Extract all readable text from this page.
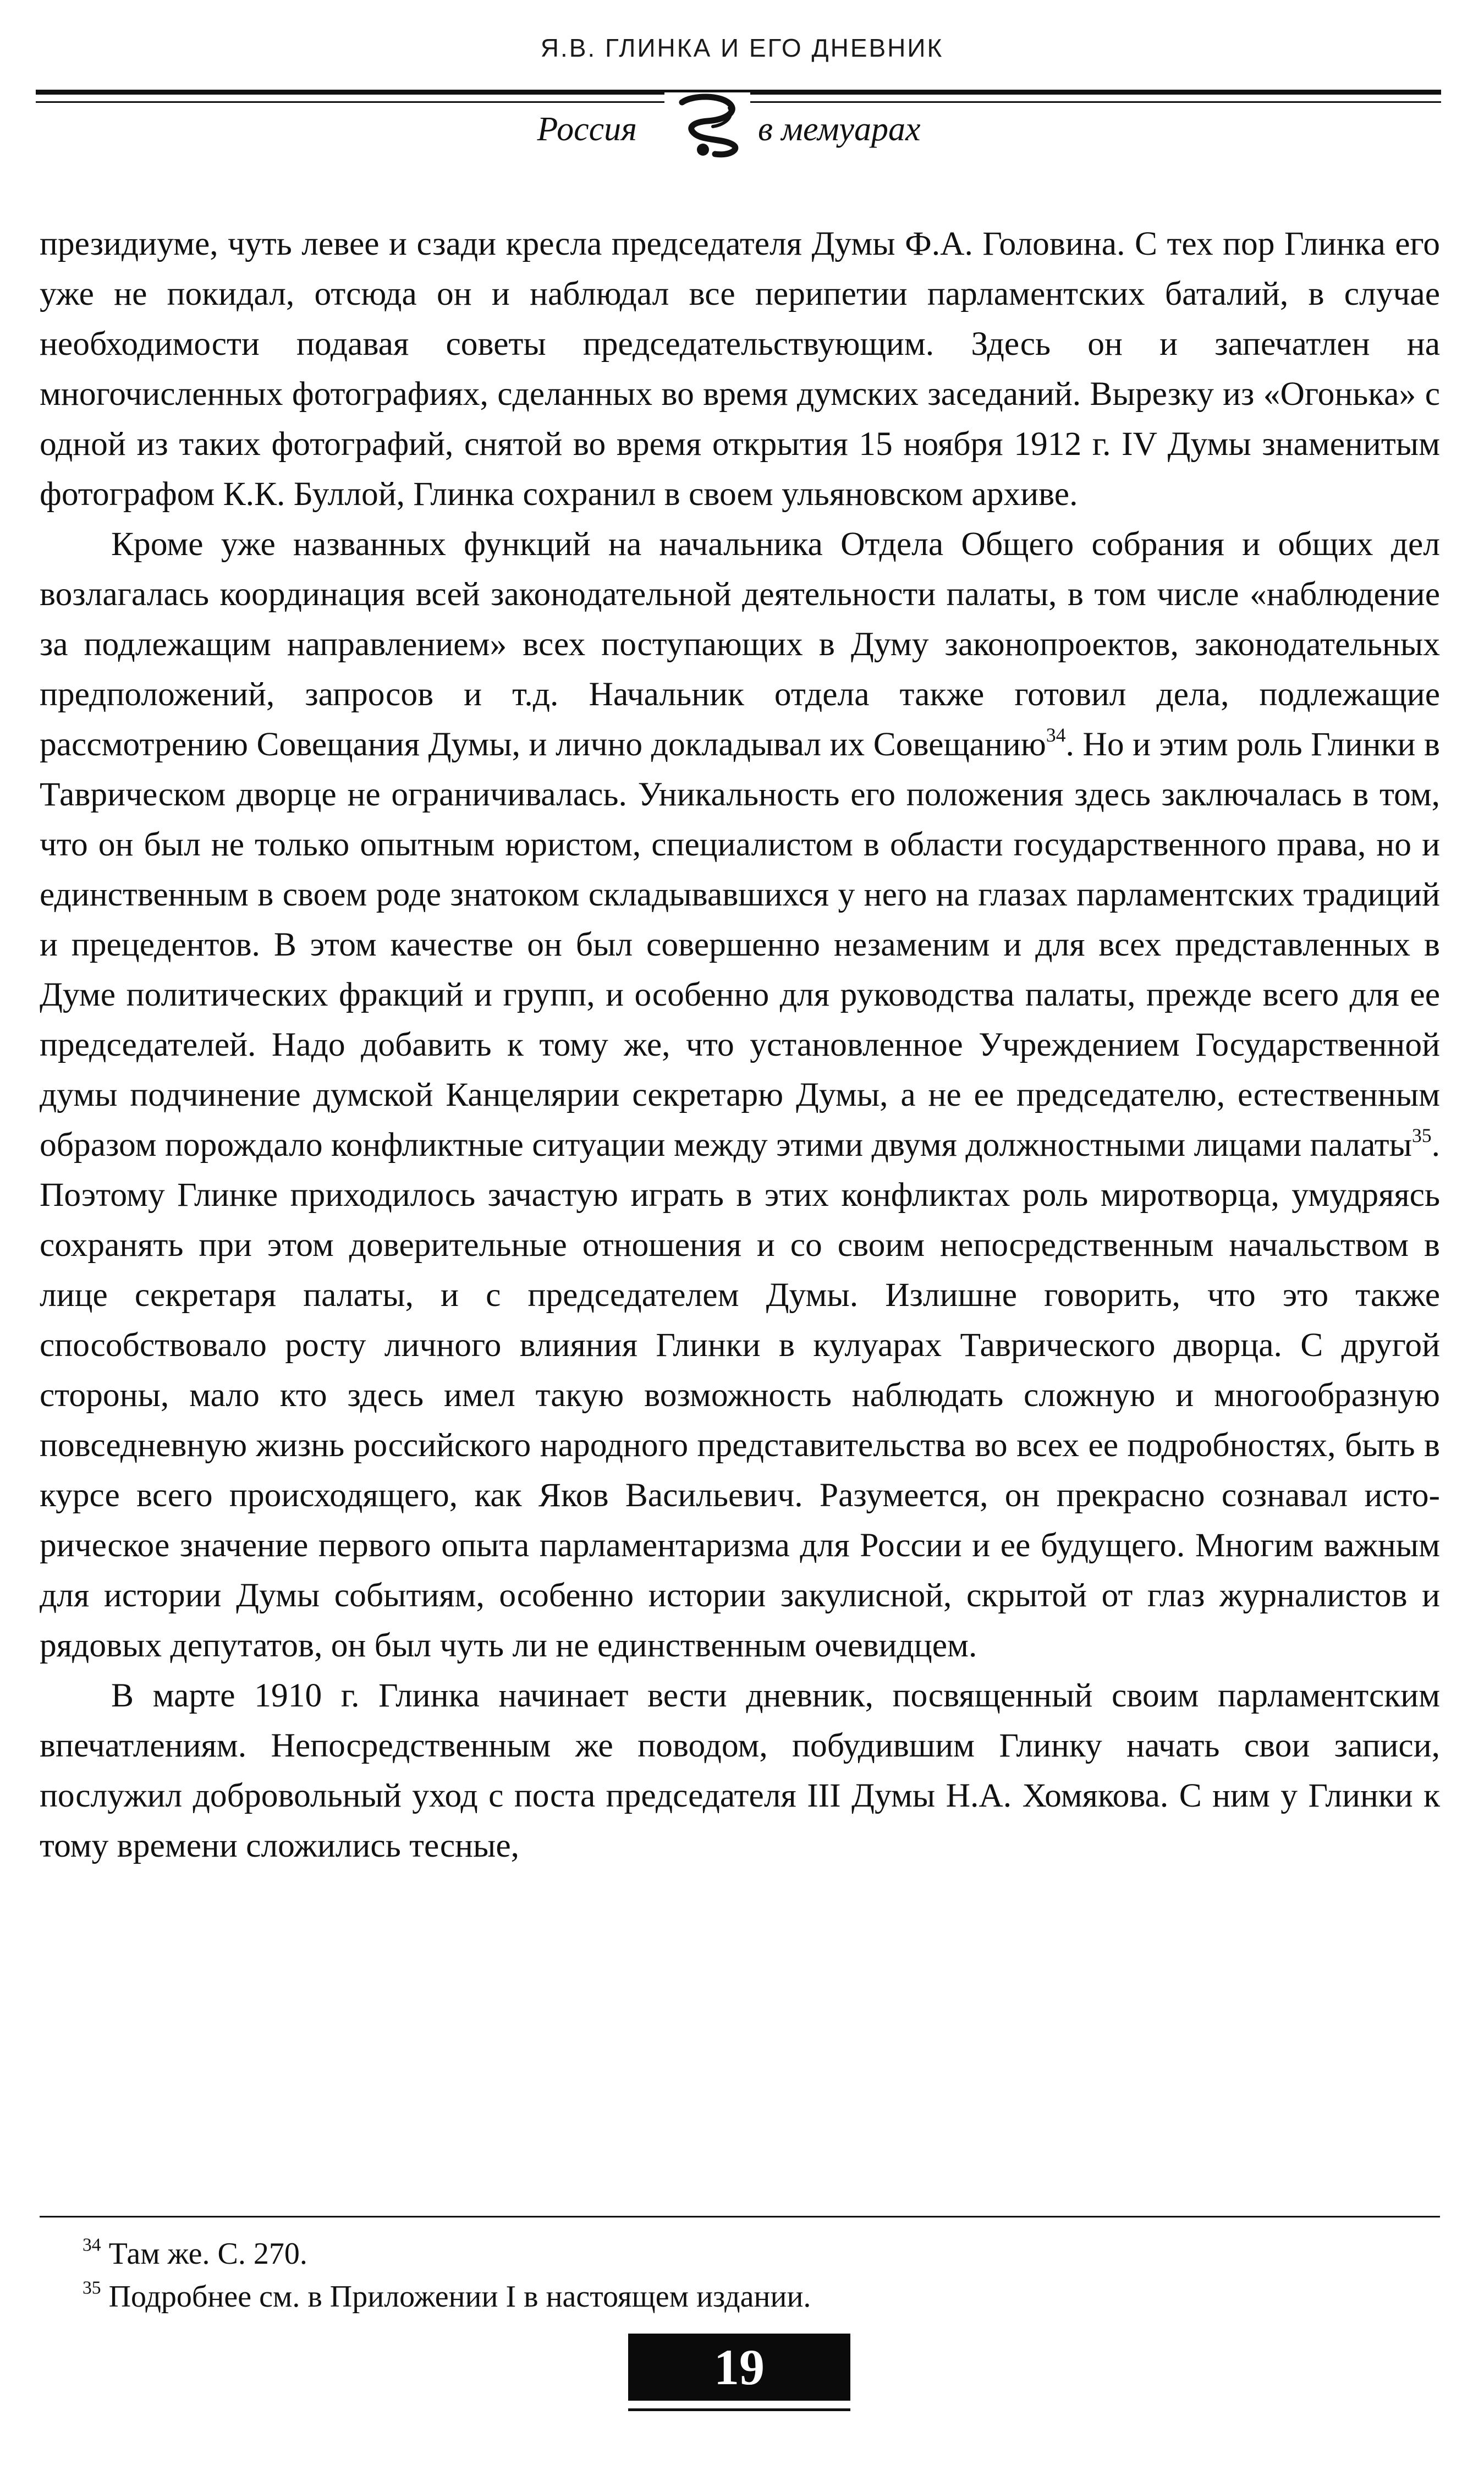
Я.В. ГЛИНКА И ЕГО ДНЕВНИК
Россия	в мемуарах

президиуме, чуть левее и сзади кресла председателя Думы Ф.А. Головина. С тех пор Глинка его уже не покидал, отсюда он и наблюдал все перипетии парламентских баталий, в случае необходимости подавая советы председательствующим. Здесь он и запечатлен на многочисленных фотографиях, сделанных во время думских заседаний. Вырезку из «Огонька» с одной из таких фотографий, снятой во время открытия 15 ноября 1912 г. IV Думы знаменитым фотографом К.К. Буллой, Глинка сохранил в своем ульяновском архиве.

Кроме уже названных функций на начальника Отдела Общего собрания и общих дел возлагалась координация всей законодательной деятельности палаты, в том числе «наблюдение за подлежащим направлением» всех поступающих в Думу законопроектов, законодательных предположений, запросов и т.д. Начальник отдела также готовил дела, подлежащие рассмотрению Совещания Думы, и лично докладывал их Совещанию$^{34}$. Но и этим роль Глинки в Таврическом дворце не ограничивалась. Уникальность его положения здесь заключалась в том, что он был не только опытным юристом, специалистом в области государственного права, но и единственным в своем роде знатоком складывавшихся у него на глазах парламентских традиций и прецедентов. В этом качестве он был совершенно незаменим и для всех представленных в Думе политических фракций и групп, и особенно для руководства палаты, прежде всего для ее председателей. Надо добавить к тому же, что установленное Учреждением Государственной думы подчинение думской Канцелярии секретарю Думы, а не ее председателю, естественным образом порождало конфликтные ситуации между этими двумя должностными лицами палаты$^{35}$. Поэтому Глинке приходилось зачастую играть в этих конфликтах роль миротворца, умудряясь сохранять при этом доверительные отношения и со своим непосредственным начальством в лице секретаря палаты, и с председателем Думы. Излишне говорить, что это также способствовало росту личного влияния Глинки в кулуарах Таврического дворца. С другой стороны, мало кто здесь имел такую возможность наблюдать сложную и многообразную повседневную жизнь российского народного представительства во всех ее подробностях, быть в курсе всего происходящего, как Яков Васильевич. Разумеется, он прекрасно сознавал историческое значение первого опыта парламентаризма для России и ее будущего. Многим важным для истории Думы событиям, особенно истории закулисной, скрытой от глаз журналистов и рядовых депутатов, он был чуть ли не единственным очевидцем.

В марте 1910 г. Глинка начинает вести дневник, посвященный своим парламентским впечатлениям. Непосредственным же поводом, побудившим Глинку начать свои записи, послужил добровольный уход с поста председателя III Думы Н.А. Хомякова. С ним у Глинки к тому времени сложились тесные,

$^{34}$ Там же. С. 270.

$^{35}$ Подробнее см. в Приложении I в настоящем издании.

19
